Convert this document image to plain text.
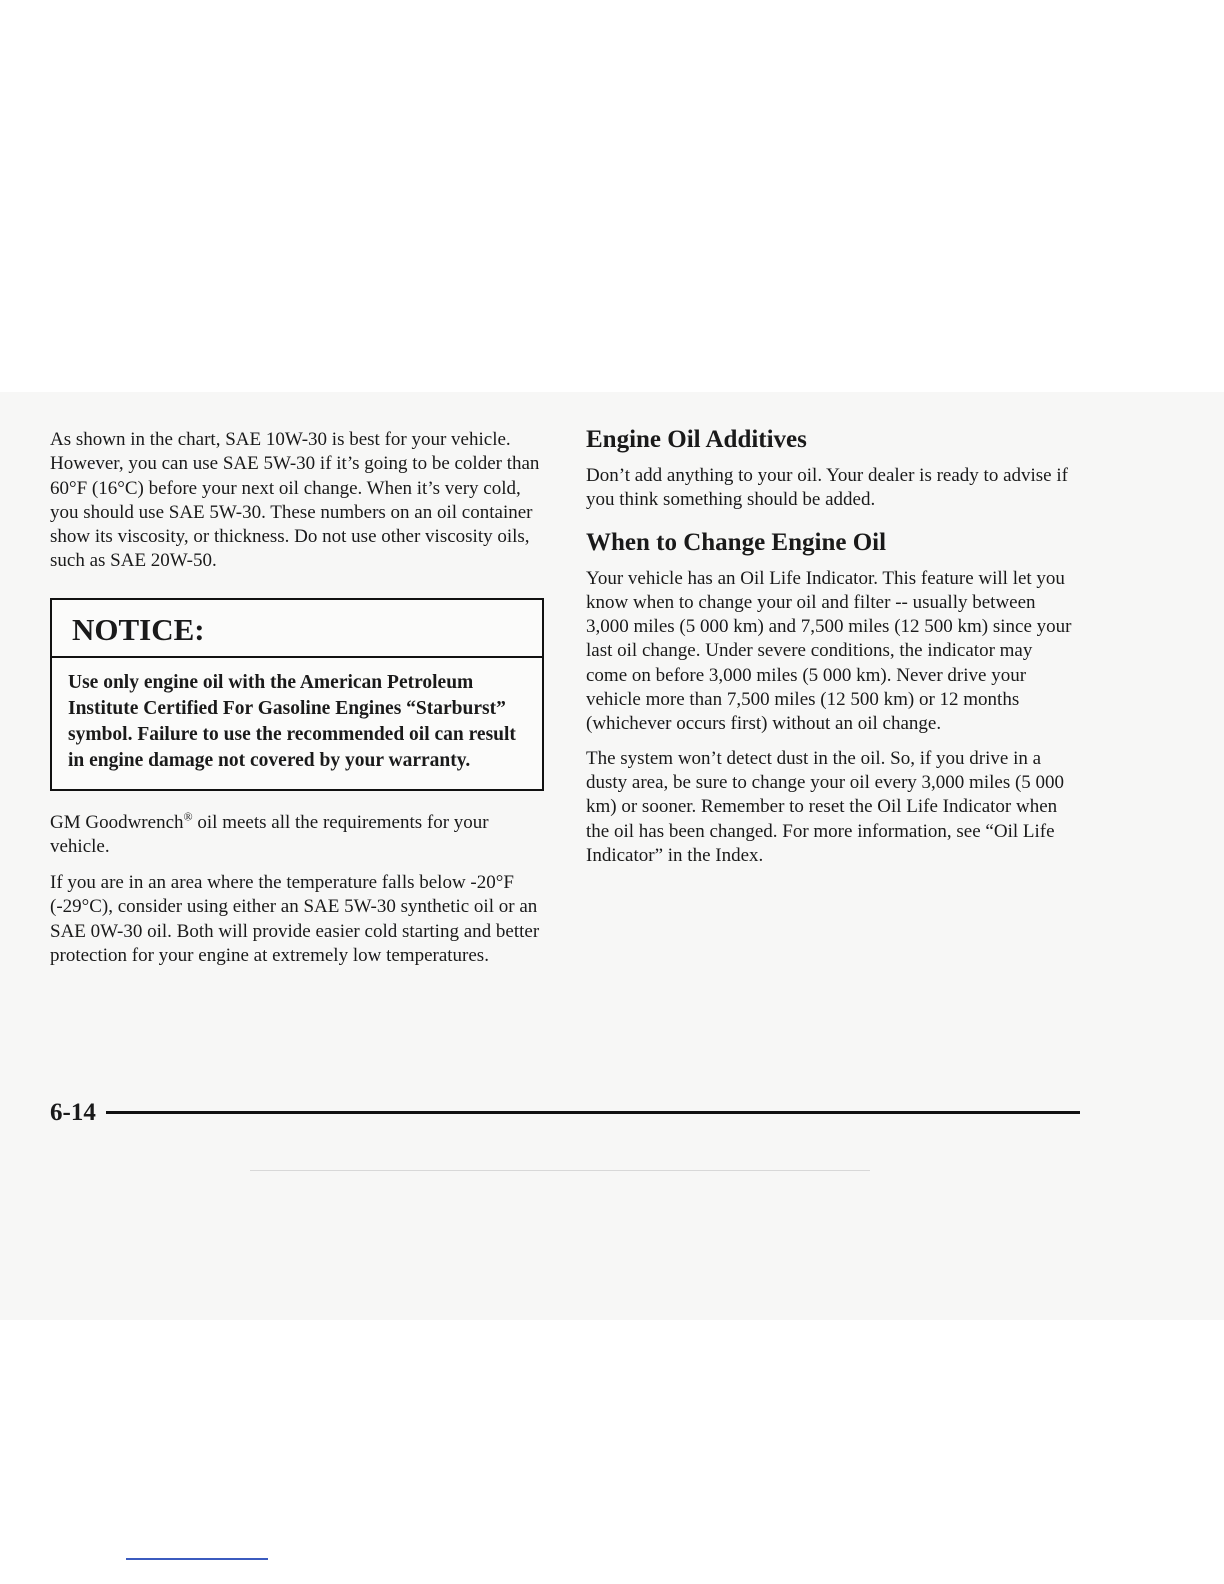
As shown in the chart, SAE 10W-30 is best for your vehicle. However, you can use SAE 5W-30 if it’s going to be colder than 60°F (16°C) before your next oil change. When it’s very cold, you should use SAE 5W-30. These numbers on an oil container show its viscosity, or thickness. Do not use other viscosity oils, such as SAE 20W-50.

NOTICE:
Use only engine oil with the American Petroleum Institute Certified For Gasoline Engines “Starburst” symbol. Failure to use the recommended oil can result in engine damage not covered by your warranty.

GM Goodwrench® oil meets all the requirements for your vehicle.

If you are in an area where the temperature falls below -20°F (-29°C), consider using either an SAE 5W-30 synthetic oil or an SAE 0W-30 oil. Both will provide easier cold starting and better protection for your engine at extremely low temperatures.

Engine Oil Additives

Don’t add anything to your oil. Your dealer is ready to advise if you think something should be added.

When to Change Engine Oil

Your vehicle has an Oil Life Indicator. This feature will let you know when to change your oil and filter -- usually between 3,000 miles (5 000 km) and 7,500 miles (12 500 km) since your last oil change. Under severe conditions, the indicator may come on before 3,000 miles (5 000 km). Never drive your vehicle more than 7,500 miles (12 500 km) or 12 months (whichever occurs first) without an oil change.

The system won’t detect dust in the oil. So, if you drive in a dusty area, be sure to change your oil every 3,000 miles (5 000 km) or sooner. Remember to reset the Oil Life Indicator when the oil has been changed. For more information, see “Oil Life Indicator” in the Index.

6-14
